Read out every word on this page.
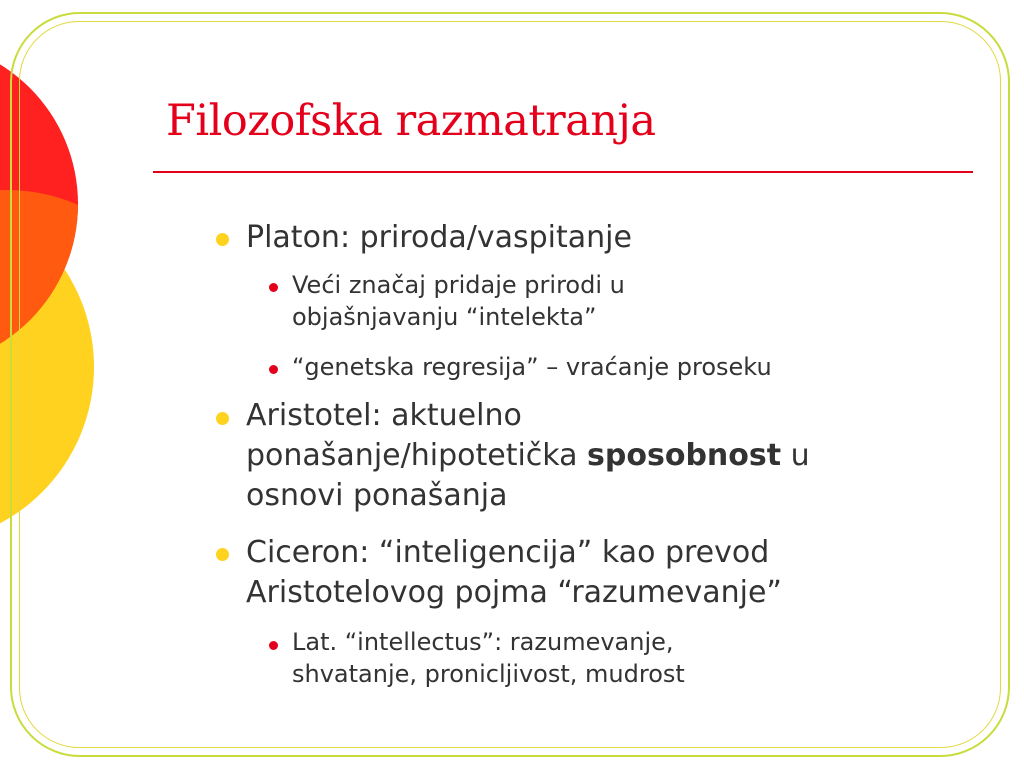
Filozofska razmatranja
Platon: priroda/vaspitanje
Veći značaj pridaje prirodi u
objašnjavanju “intelekta”
“genetska regresija” – vraćanje proseku
Aristotel: aktuelno
ponašanje/hipotetička sposobnost u
osnovi ponašanja
Ciceron: “inteligencija” kao prevod
Aristotelovog pojma “razumevanje”
Lat. “intellectus”: razumevanje,
shvatanje, pronicljivost, mudrost
